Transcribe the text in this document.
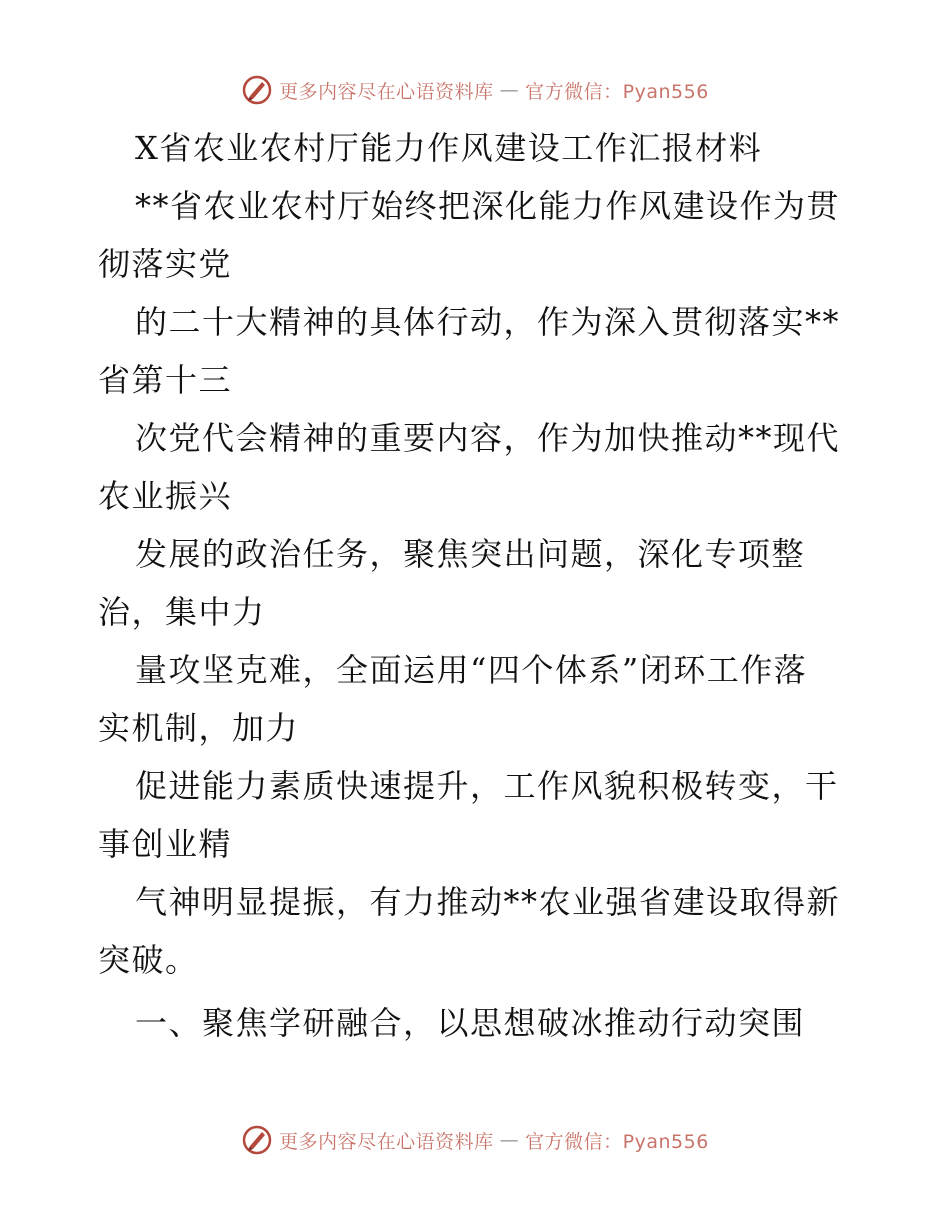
更多内容尽在心语资料库 — 官方微信：Pyan556
X省农业农村厅能力作风建设工作汇报材料
**省农业农村厅始终把深化能力作风建设作为贯
彻落实党
的二十大精神的具体行动，作为深入贯彻落实**
省第十三
次党代会精神的重要内容，作为加快推动**现代
农业振兴
发展的政治任务，聚焦突出问题，深化专项整
治，集中力
量攻坚克难，全面运用“四个体系”闭环工作落
实机制，加力
促进能力素质快速提升，工作风貌积极转变，干
事创业精
气神明显提振，有力推动**农业强省建设取得新
突破。
一、聚焦学研融合，以思想破冰推动行动突围
更多内容尽在心语资料库 — 官方微信：Pyan556
